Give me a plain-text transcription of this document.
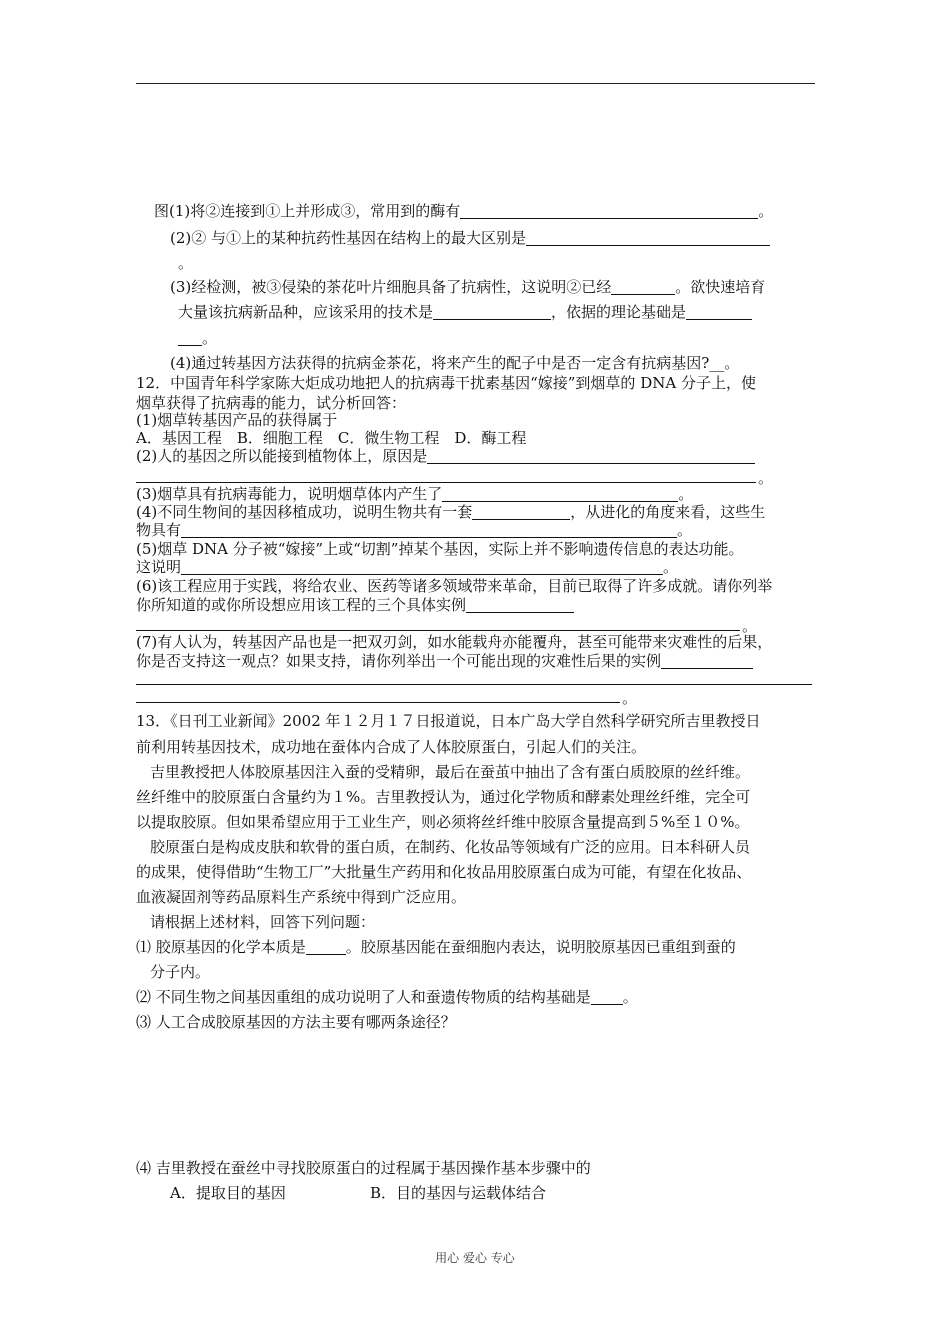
图(1)将②连接到①上并形成③，常用到的酶有	。
(2)② 与①上的某种抗药性基因在结构上的最大区别是
。
(3)经检测，被③侵染的茶花叶片细胞具备了抗病性，这说明②已经	。欲快速培育
大量该抗病新品种，应该采用的技术是	，依据的理论基础是
。
(4)通过转基因方法获得的抗病金茶花，将来产生的配子中是否一定含有抗病基因?__。
12．中国青年科学家陈大炬成功地把人的抗病毒干扰素基因“嫁接”到烟草的 DNA 分子上，使
烟草获得了抗病毒的能力，试分析回答：
(1)烟草转基因产品的获得属于
A．基因工程　B．细胞工程　C．微生物工程　D．酶工程
(2)人的基因之所以能接到植物体上，原因是
。
(3)烟草具有抗病毒能力，说明烟草体内产生了	。
(4)不同生物间的基因移植成功，说明生物共有一套	，从进化的角度来看，这些生
物具有	。
(5)烟草 DNA 分子被“嫁接”上或“切割”掉某个基因，实际上并不影响遗传信息的表达功能。
这说明	。
(6)该工程应用于实践，将给农业、医药等诸多领域带来革命，目前已取得了许多成就。请你列举
你所知道的或你所设想应用该工程的三个具体实例
。
(7)有人认为，转基因产品也是一把双刃剑，如水能载舟亦能覆舟，甚至可能带来灾难性的后果，
你是否支持这一观点？如果支持，请你列举出一个可能出现的灾难性后果的实例
。
13．《日刊工业新闻》2002 年１２月１７日报道说，日本广岛大学自然科学研究所吉里教授日
前利用转基因技术，成功地在蚕体内合成了人体胶原蛋白，引起人们的关注。
吉里教授把人体胶原基因注入蚕的受精卵，最后在蚕茧中抽出了含有蛋白质胶原的丝纤维。
丝纤维中的胶原蛋白含量约为１%。吉里教授认为，通过化学物质和酵素处理丝纤维，完全可
以提取胶原。但如果希望应用于工业生产，则必须将丝纤维中胶原含量提高到５%至１０%。
胶原蛋白是构成皮肤和软骨的蛋白质，在制药、化妆品等领域有广泛的应用。日本科研人员
的成果，使得借助“生物工厂”大批量生产药用和化妆品用胶原蛋白成为可能，有望在化妆品、
血液凝固剂等药品原料生产系统中得到广泛应用。
请根据上述材料，回答下列问题：
⑴ 胶原基因的化学本质是	。胶原基因能在蚕细胞内表达，说明胶原基因已重组到蚕的
分子内。
⑵ 不同生物之间基因重组的成功说明了人和蚕遗传物质的结构基础是 。
⑶ 人工合成胶原基因的方法主要有哪两条途径？
⑷ 吉里教授在蚕丝中寻找胶原蛋白的过程属于基因操作基本步骤中的
A．提取目的基因	B．目的基因与运载体结合
用心 爱心 专心
